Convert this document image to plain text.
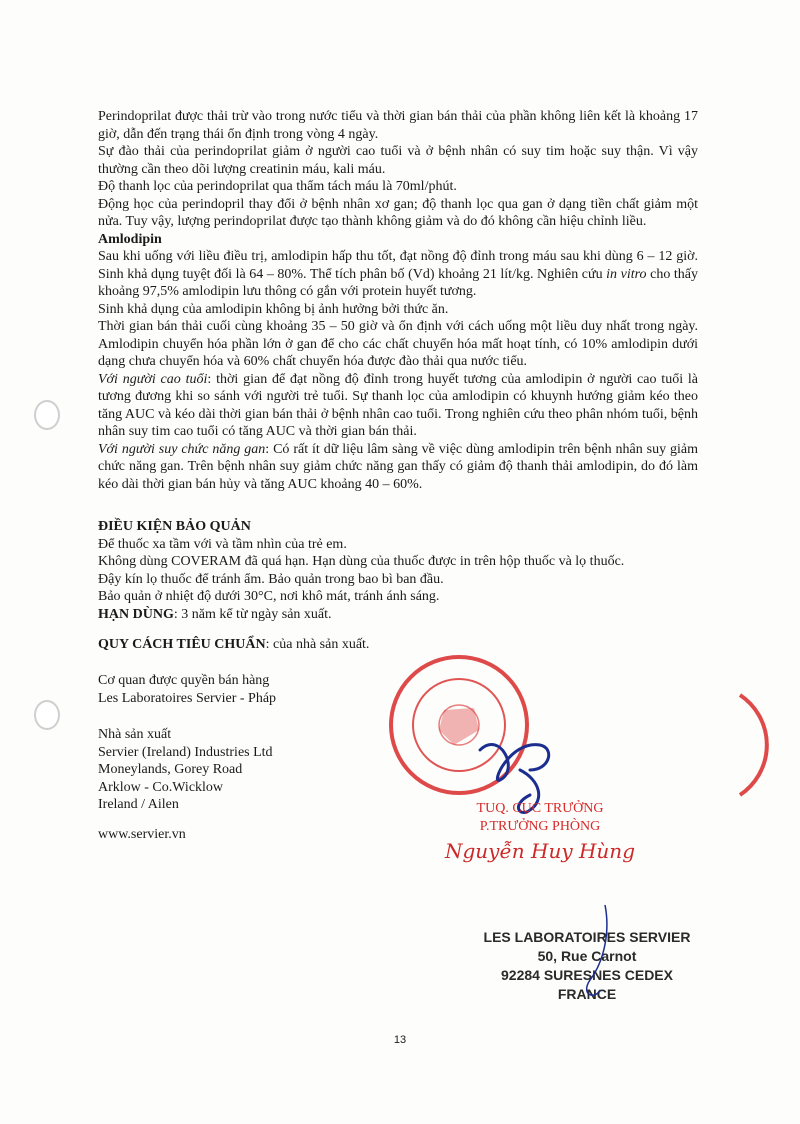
Perindoprilat được thải trừ vào trong nước tiểu và thời gian bán thải của phần không liên kết là khoảng 17 giờ, dẫn đến trạng thái ổn định trong vòng 4 ngày.

Sự đào thải của perindoprilat giảm ở người cao tuổi và ở bệnh nhân có suy tim hoặc suy thận. Vì vậy thường cần theo dõi lượng creatinin máu, kali máu.

Độ thanh lọc của perindoprilat qua thẩm tách máu là 70ml/phút.

Động học của perindopril thay đổi ở bệnh nhân xơ gan; độ thanh lọc qua gan ở dạng tiền chất giảm một nửa. Tuy vậy, lượng perindoprilat được tạo thành không giảm và do đó không cần hiệu chỉnh liều.

Amlodipin

Sau khi uống với liều điều trị, amlodipin hấp thu tốt, đạt nồng độ đỉnh trong máu sau khi dùng 6 – 12 giờ. Sinh khả dụng tuyệt đối là 64 – 80%. Thể tích phân bố (Vd) khoảng 21 lít/kg. Nghiên cứu in vitro cho thấy khoảng 97,5% amlodipin lưu thông có gắn với protein huyết tương.

Sinh khả dụng của amlodipin không bị ảnh hưởng bởi thức ăn.

Thời gian bán thải cuối cùng khoảng 35 – 50 giờ và ổn định với cách uống một liều duy nhất trong ngày. Amlodipin chuyển hóa phần lớn ở gan để cho các chất chuyển hóa mất hoạt tính, có 10% amlodipin dưới dạng chưa chuyển hóa và 60% chất chuyển hóa được đào thải qua nước tiểu.

Với người cao tuổi: thời gian để đạt nồng độ đỉnh trong huyết tương của amlodipin ở người cao tuổi là tương đương khi so sánh với người trẻ tuổi. Sự thanh lọc của amlodipin có khuynh hướng giảm kéo theo tăng AUC và kéo dài thời gian bán thải ở bệnh nhân cao tuổi. Trong nghiên cứu theo phân nhóm tuổi, bệnh nhân suy tim cao tuổi có tăng AUC và thời gian bán thải.

Với người suy chức năng gan: Có rất ít dữ liệu lâm sàng về việc dùng amlodipin trên bệnh nhân suy giảm chức năng gan. Trên bệnh nhân suy giảm chức năng gan thấy có giảm độ thanh thải amlodipin, do đó làm kéo dài thời gian bán hủy và tăng AUC khoảng 40 – 60%.

ĐIỀU KIỆN BẢO QUẢN

Để thuốc xa tầm với và tầm nhìn của trẻ em.

Không dùng COVERAM đã quá hạn. Hạn dùng của thuốc được in trên hộp thuốc và lọ thuốc.

Đậy kín lọ thuốc để tránh ẩm. Bảo quản trong bao bì ban đầu.

Bảo quản ở nhiệt độ dưới 30°C, nơi khô mát, tránh ánh sáng.

HẠN DÙNG: 3 năm kể từ ngày sản xuất.

QUY CÁCH TIÊU CHUẨN: của nhà sản xuất.

Cơ quan được quyền bán hàng

Les Laboratoires Servier - Pháp

Nhà sản xuất

Servier (Ireland) Industries Ltd

Moneylands, Gorey Road

Arklow - Co.Wicklow

Ireland / Ailen

www.servier.vn

TUQ. CỤC TRƯỞNG

P.TRƯỞNG PHÒNG

Nguyễn Huy Hùng

LES LABORATOIRES SERVIER

50, Rue Carnot

92284 SURESNES CEDEX

FRANCE

13
